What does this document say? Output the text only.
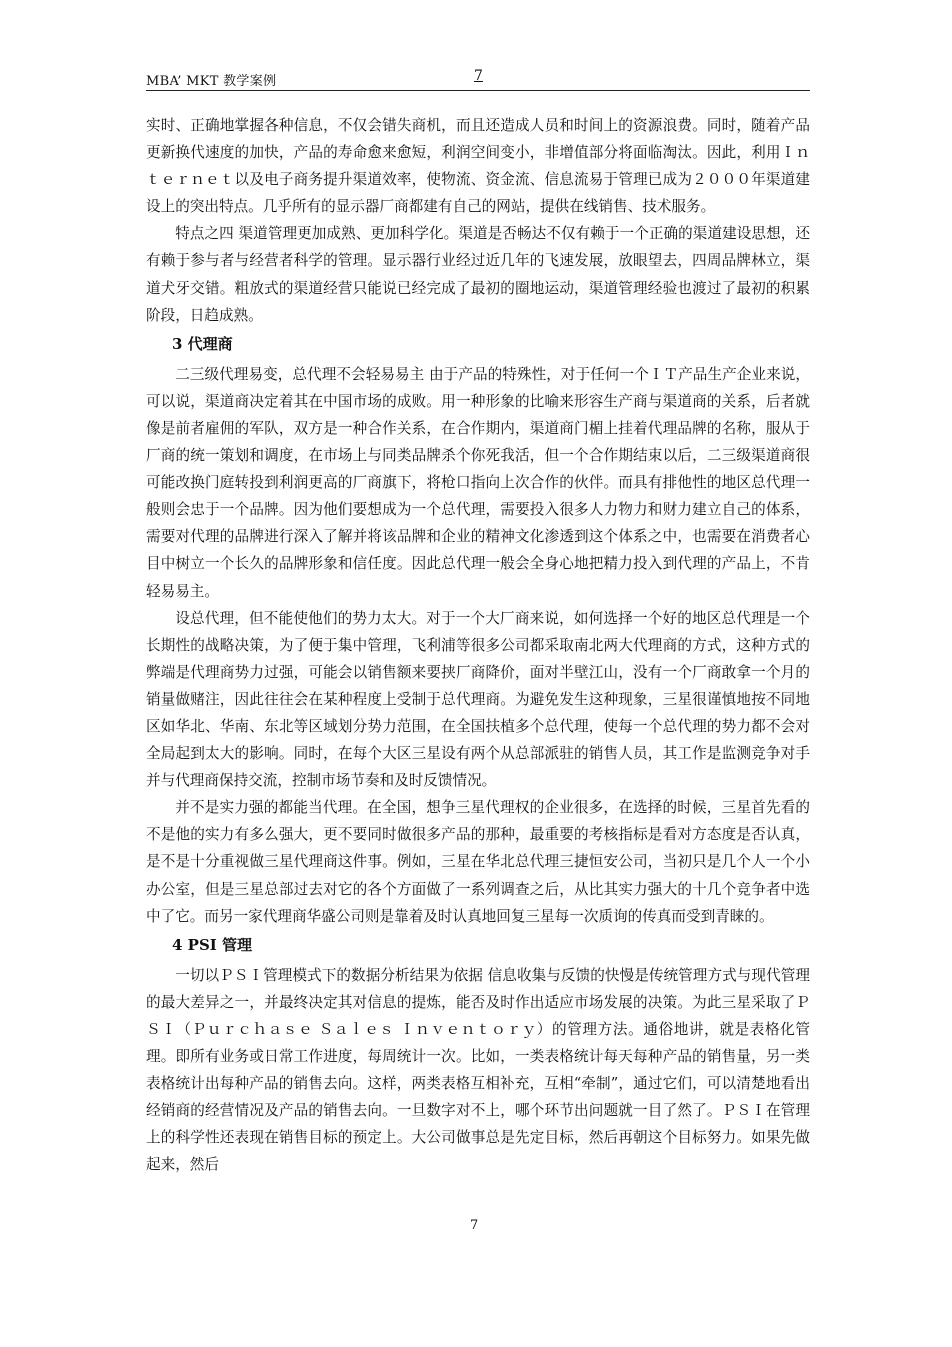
MBA’ MKT 教学案例	7

实时、正确地掌握各种信息，不仅会错失商机，而且还造成人员和时间上的资源浪费。同时，随着产品更新换代速度的加快，产品的寿命愈来愈短，利润空间变小，非增值部分将面临淘汰。因此，利用Ｉｎｔｅｒｎｅｔ以及电子商务提升渠道效率，使物流、资金流、信息流易于管理已成为２０００年渠道建设上的突出特点。几乎所有的显示器厂商都建有自己的网站，提供在线销售、技术服务。

特点之四 渠道管理更加成熟、更加科学化。渠道是否畅达不仅有赖于一个正确的渠道建设思想，还有赖于参与者与经营者科学的管理。显示器行业经过近几年的飞速发展，放眼望去，四周品牌林立，渠道犬牙交错。粗放式的渠道经营只能说已经完成了最初的圈地运动，渠道管理经验也渡过了最初的积累阶段，日趋成熟。

3 代理商

二三级代理易变，总代理不会轻易易主 由于产品的特殊性，对于任何一个ＩＴ产品生产企业来说，可以说，渠道商决定着其在中国市场的成败。用一种形象的比喻来形容生产商与渠道商的关系，后者就像是前者雇佣的军队，双方是一种合作关系，在合作期内，渠道商门楣上挂着代理品牌的名称，服从于厂商的统一策划和调度，在市场上与同类品牌杀个你死我活，但一个合作期结束以后，二三级渠道商很可能改换门庭转投到利润更高的厂商旗下，将枪口指向上次合作的伙伴。而具有排他性的地区总代理一般则会忠于一个品牌。因为他们要想成为一个总代理，需要投入很多人力物力和财力建立自己的体系，需要对代理的品牌进行深入了解并将该品牌和企业的精神文化渗透到这个体系之中，也需要在消费者心目中树立一个长久的品牌形象和信任度。因此总代理一般会全身心地把精力投入到代理的产品上，不肯轻易易主。

设总代理，但不能使他们的势力太大。对于一个大厂商来说，如何选择一个好的地区总代理是一个长期性的战略决策，为了便于集中管理，飞利浦等很多公司都采取南北两大代理商的方式，这种方式的弊端是代理商势力过强，可能会以销售额来要挟厂商降价，面对半壁江山，没有一个厂商敢拿一个月的销量做赌注，因此往往会在某种程度上受制于总代理商。为避免发生这种现象，三星很谨慎地按不同地区如华北、华南、东北等区域划分势力范围，在全国扶植多个总代理，使每一个总代理的势力都不会对全局起到太大的影响。同时，在每个大区三星设有两个从总部派驻的销售人员，其工作是监测竞争对手并与代理商保持交流，控制市场节奏和及时反馈情况。

并不是实力强的都能当代理。在全国，想争三星代理权的企业很多，在选择的时候，三星首先看的不是他的实力有多么强大，更不要同时做很多产品的那种，最重要的考核指标是看对方态度是否认真，是不是十分重视做三星代理商这件事。例如，三星在华北总代理三捷恒安公司，当初只是几个人一个小办公室，但是三星总部过去对它的各个方面做了一系列调查之后，从比其实力强大的十几个竞争者中选中了它。而另一家代理商华盛公司则是靠着及时认真地回复三星每一次质询的传真而受到青睐的。

4 PSI 管理

一切以ＰＳＩ管理模式下的数据分析结果为依据 信息收集与反馈的快慢是传统管理方式与现代管理的最大差异之一，并最终决定其对信息的提炼，能否及时作出适应市场发展的决策。为此三星采取了ＰＳＩ（Ｐｕｒｃｈａｓｅ Ｓａｌｅｓ Ｉｎｖｅｎｔｏｒｙ）的管理方法。通俗地讲，就是表格化管理。即所有业务或日常工作进度，每周统计一次。比如，一类表格统计每天每种产品的销售量，另一类表格统计出每种产品的销售去向。这样，两类表格互相补充，互相“牵制”，通过它们，可以清楚地看出经销商的经营情况及产品的销售去向。一旦数字对不上，哪个环节出问题就一目了然了。ＰＳＩ在管理上的科学性还表现在销售目标的预定上。大公司做事总是先定目标，然后再朝这个目标努力。如果先做起来，然后

7
